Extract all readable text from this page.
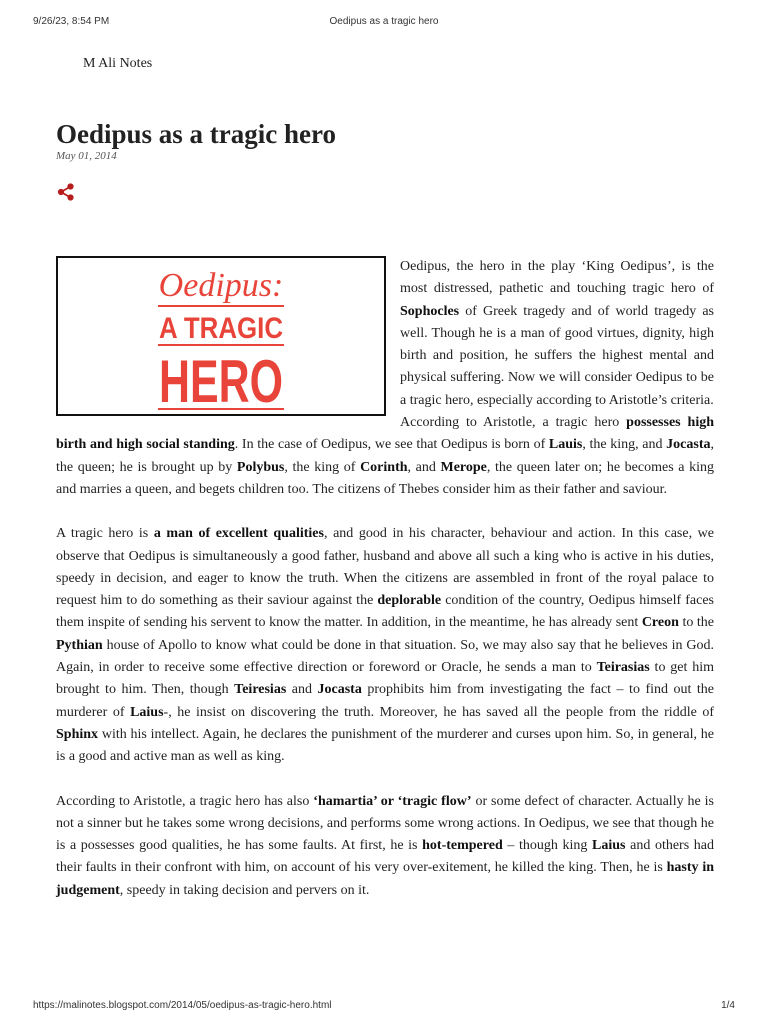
9/26/23, 8:54 PM	Oedipus as a tragic hero
M Ali Notes
Oedipus as a tragic hero
May 01, 2014
Oedipus:
A TRAGIC
HERO

Oedipus, the hero in the play ‘King Oedipus’, is the most distressed, pathetic and touching tragic hero of Sophocles of Greek tragedy and of world tragedy as well. Though he is a man of good virtues, dignity, high birth and position, he suffers the highest mental and physical suffering. Now we will consider Oedipus to be a tragic hero, especially according to Aristotle’s criteria.

According to Aristotle, a tragic hero possesses high birth and high social standing. In the case of Oedipus, we see that Oedipus is born of Lauis, the king, and Jocasta, the queen; he is brought up by Polybus, the king of Corinth, and Merope, the queen later on; he becomes a king and marries a queen, and begets children too. The citizens of Thebes consider him as their father and saviour.

A tragic hero is a man of excellent qualities, and good in his character, behaviour and action. In this case, we observe that Oedipus is simultaneously a good father, husband and above all such a king who is active in his duties, speedy in decision, and eager to know the truth. When the citizens are assembled in front of the royal palace to request him to do something as their saviour against the deplorable condition of the country, Oedipus himself faces them inspite of sending his servent to know the matter. In addition, in the meantime, he has already sent Creon to the Pythian house of Apollo to know what could be done in that situation. So, we may also say that he believes in God. Again, in order to receive some effective direction or foreword or Oracle, he sends a man to Teirasias to get him brought to him. Then, though Teiresias and Jocasta prophibits him from investigating the fact – to find out the murderer of Laius-, he insist on discovering the truth. Moreover, he has saved all the people from the riddle of Sphinx with his intellect. Again, he declares the punishment of the murderer and curses upon him. So, in general, he is a good and active man as well as king.

According to Aristotle, a tragic hero has also ‘hamartia’ or ‘tragic flow’ or some defect of character. Actually he is not a sinner but he takes some wrong decisions, and performs some wrong actions. In Oedipus, we see that though he is a possesses good qualities, he has some faults. At first, he is hot-tempered – though king Laius and others had their faults in their confront with him, on account of his very over-exitement, he killed the king. Then, he is hasty in judgement, speedy in taking decision and pervers on it.

https://malinotes.blogspot.com/2014/05/oedipus-as-tragic-hero.html	1/4
